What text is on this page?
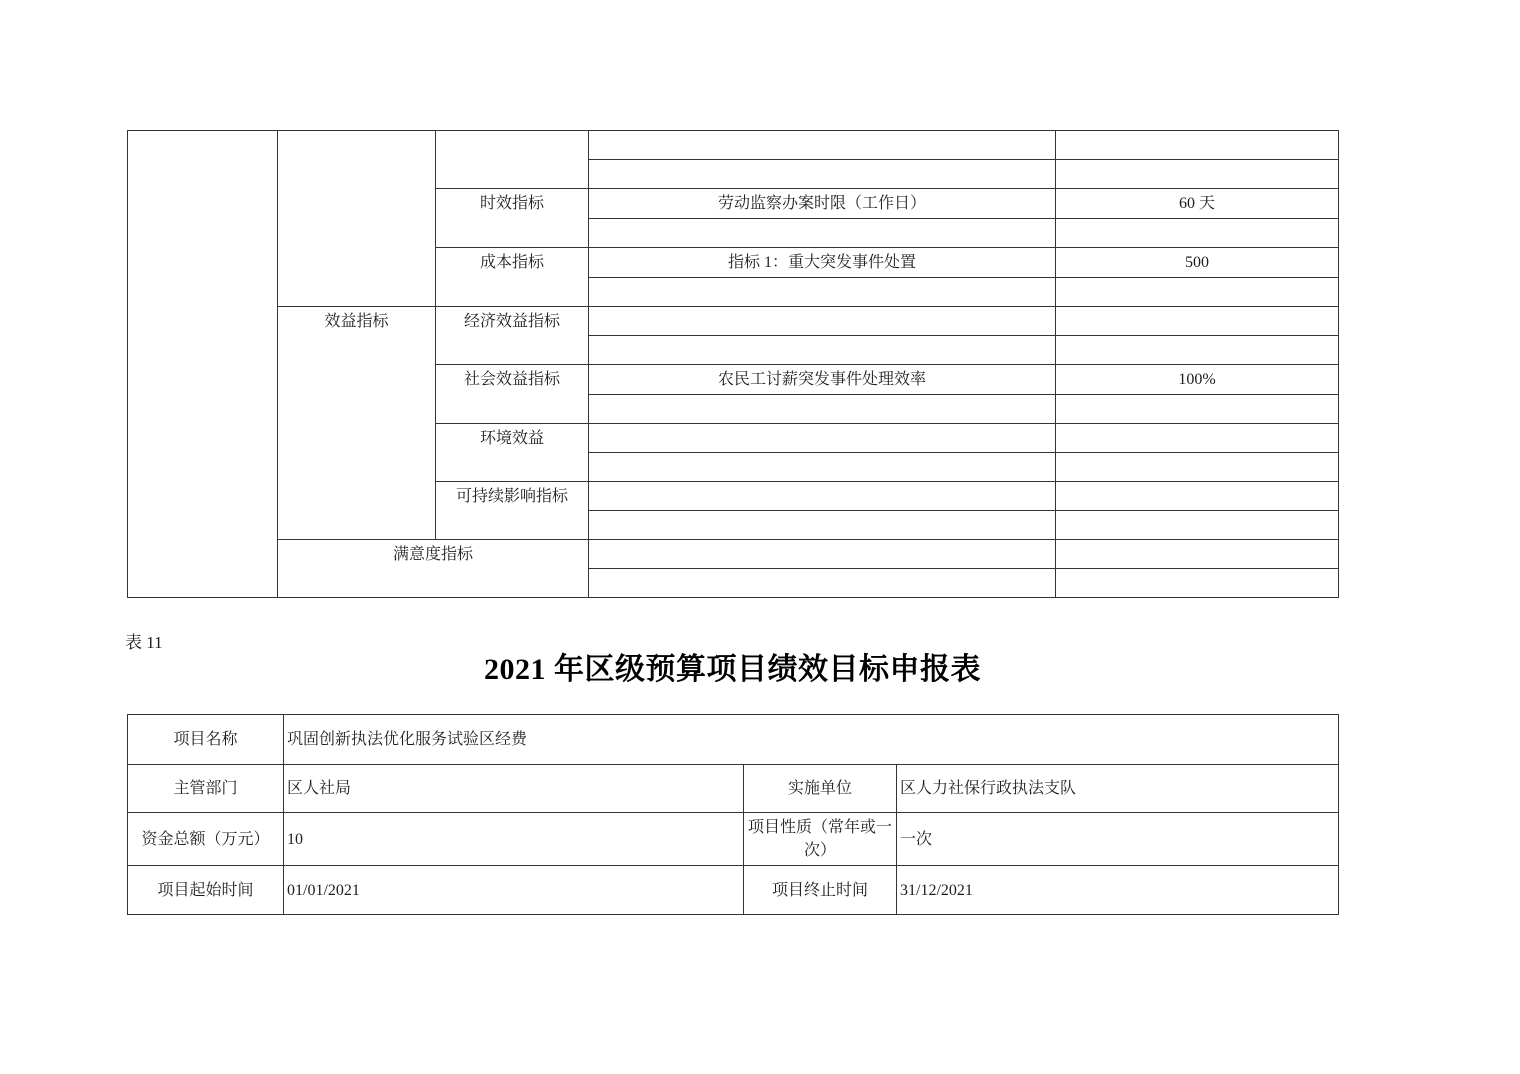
		时效指标	劳动监察办案时限（工作日）	60 天

		成本指标	指标 1：重大突发事件处置	500

	效益指标	经济效益指标		

		社会效益指标	农民工讨薪突发事件处理效率	100%

		环境效益		

		可持续影响指标		

	满意度指标			

表 11
2021 年区级预算项目绩效目标申报表
项目名称	巩固创新执法优化服务试验区经费		
主管部门	区人社局	实施单位	区人力社保行政执法支队
资金总额（万元）	10	项目性质（常年或一次）	一次
项目起始时间	01/01/2021	项目终止时间	31/12/2021
